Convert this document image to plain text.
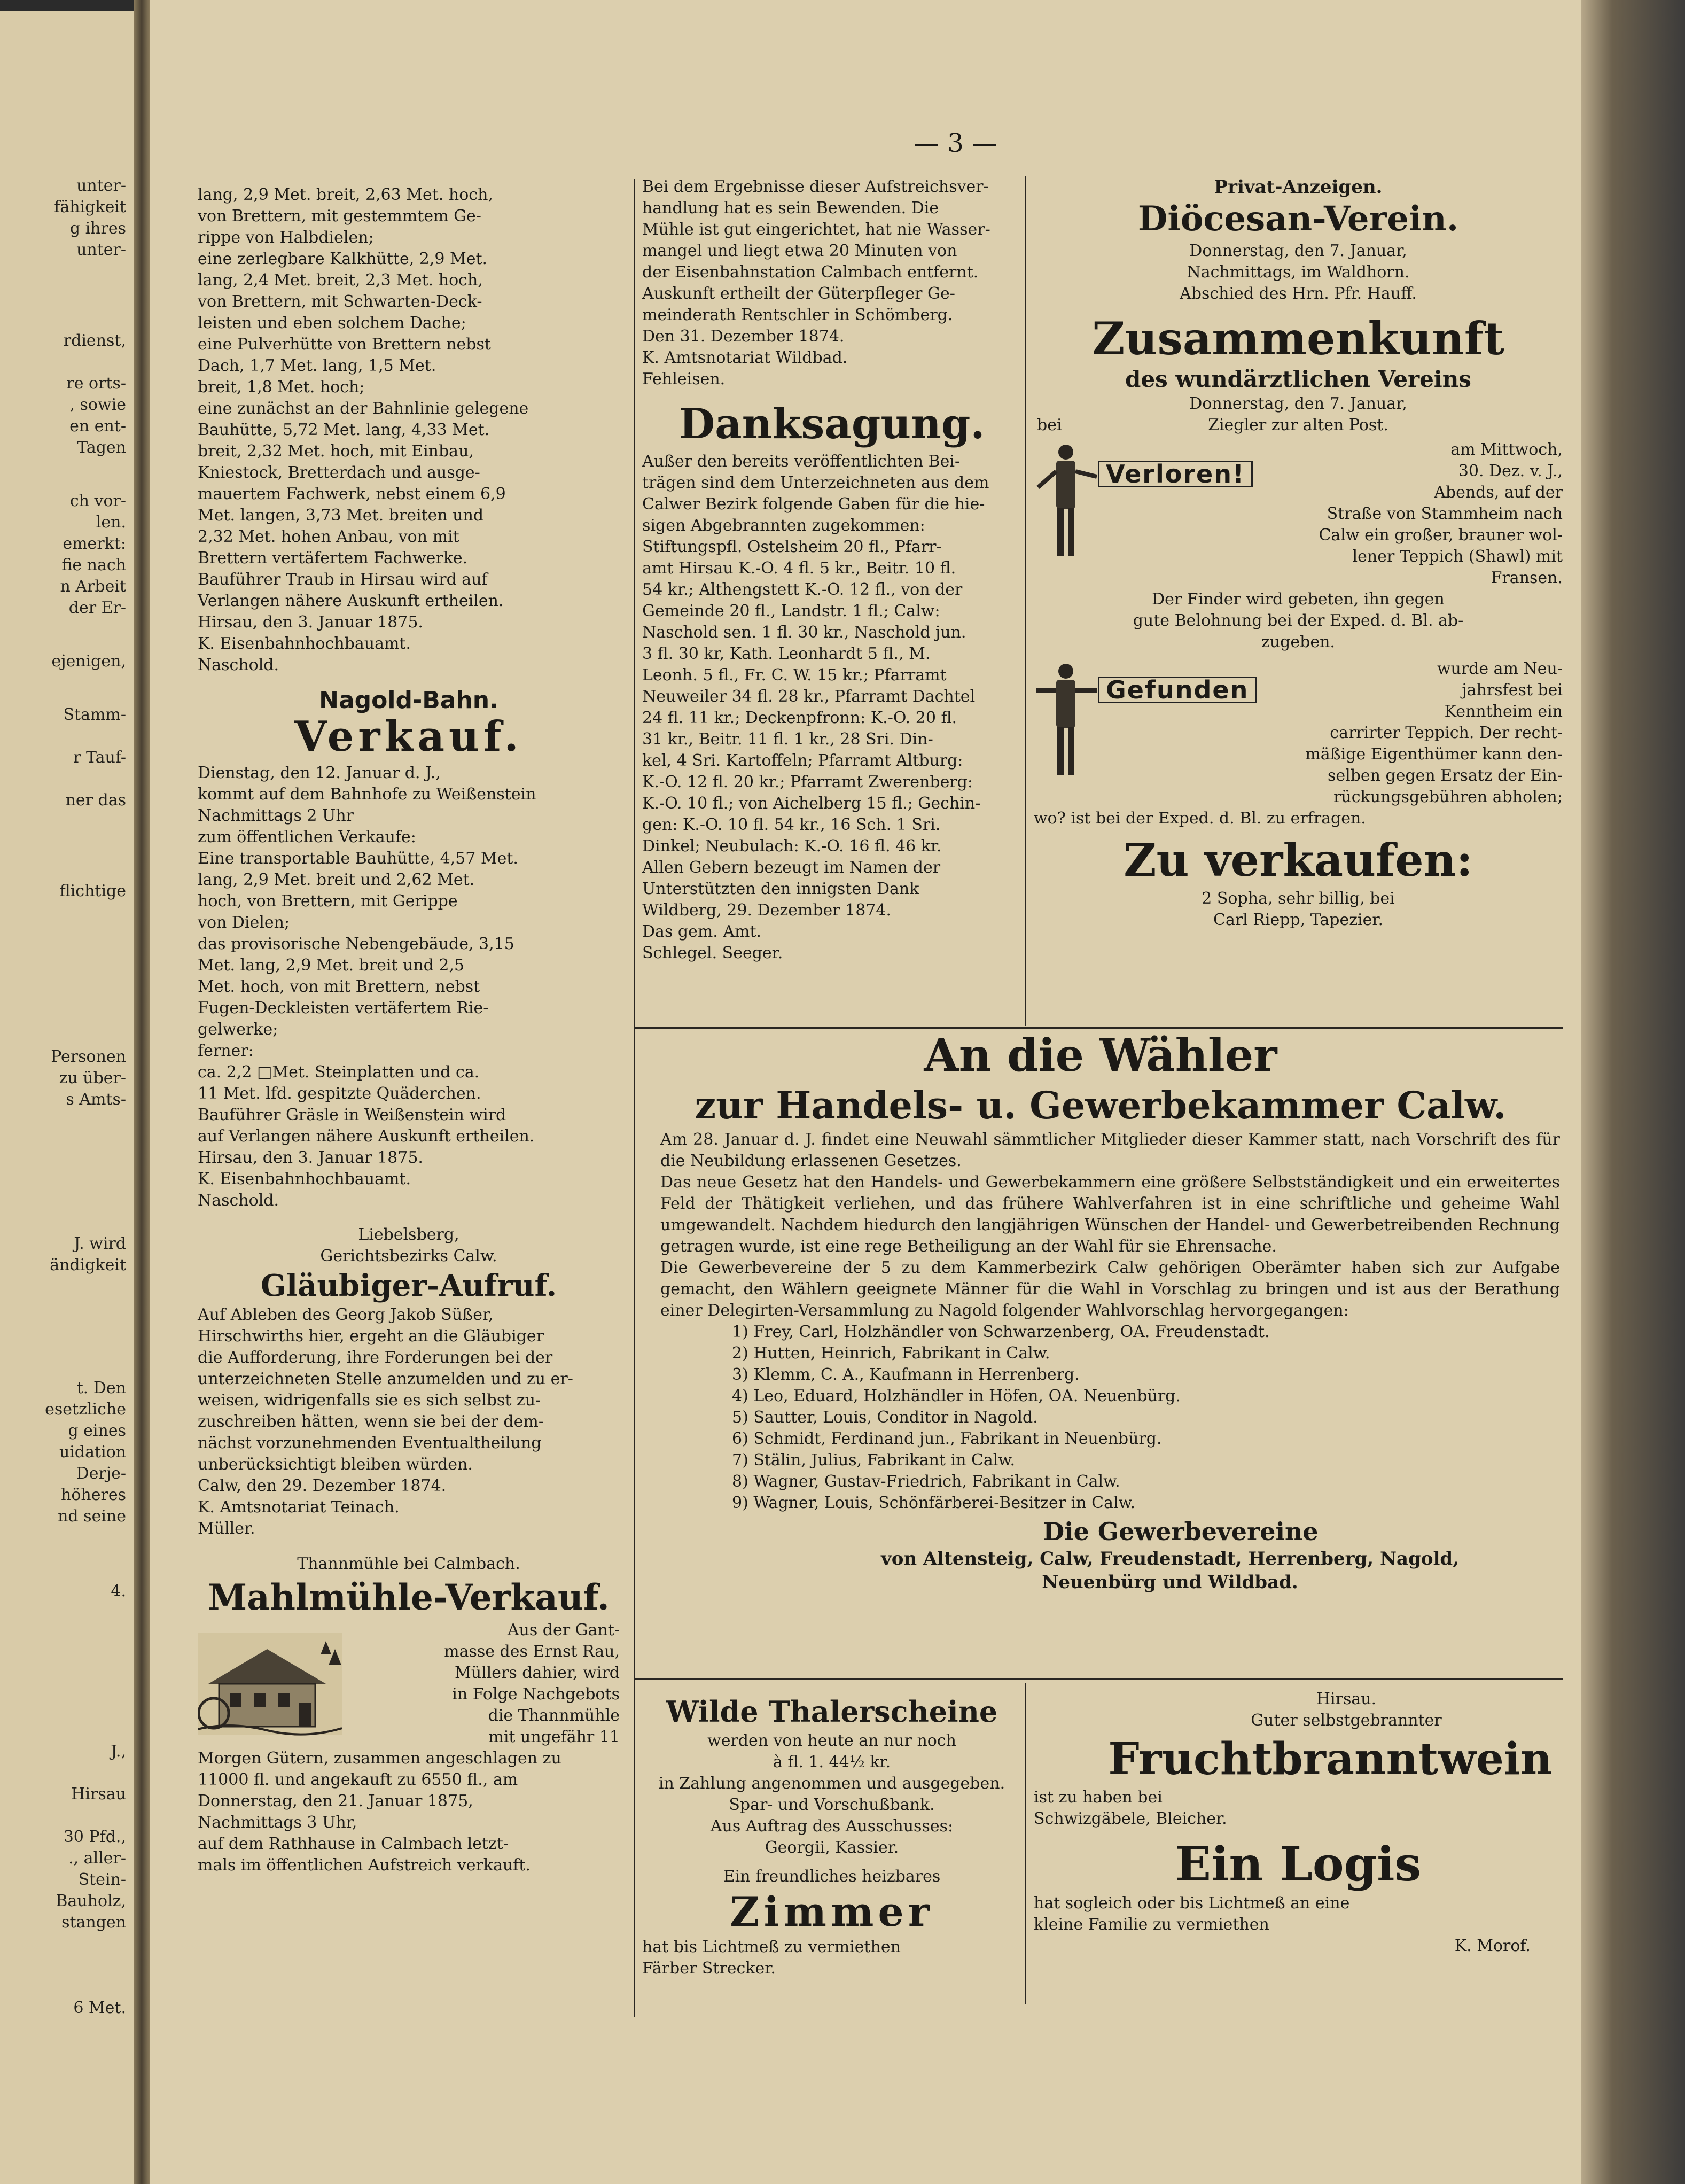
unter-
fähigkeit
g ihres
unter-
rdienst,
re orts-
, sowie
en ent-
Tagen
ch vor-
len.
emerkt:
fie nach
n Arbeit
der Er-
ejenigen,
Stamm-
r Tauf-
ner das
flichtige
Personen
zu über-
s Amts-
J. wird
ändigkeit
t. Den
esetzliche
g eines
uidation
Derje-
höheres
nd seine
4.
J.,
Hirsau
30 Pfd.,
., aller-
Stein-
Bauholz,
stangen
6 Met.
— 3 —
lang, 2,9 Met. breit, 2,63 Met. hoch,
von Brettern, mit gestemmtem Ge-
rippe von Halbdielen;
eine zerlegbare Kalkhütte, 2,9 Met.
lang, 2,4 Met. breit, 2,3 Met. hoch,
von Brettern, mit Schwarten-Deck-
leisten und eben solchem Dache;
eine Pulverhütte von Brettern nebst
Dach, 1,7 Met. lang, 1,5 Met.
breit, 1,8 Met. hoch;
eine zunächst an der Bahnlinie gelegene
Bauhütte, 5,72 Met. lang, 4,33 Met.
breit, 2,32 Met. hoch, mit Einbau,
Kniestock, Bretterdach und ausge-
mauertem Fachwerk, nebst einem 6,9
Met. langen, 3,73 Met. breiten und
2,32 Met. hohen Anbau, von mit
Brettern vertäfertem Fachwerke.
Bauführer Traub in Hirsau wird auf
Verlangen nähere Auskunft ertheilen.
Hirsau, den 3. Januar 1875.
K. Eisenbahnhochbauamt.
Naschold.
Nagold-Bahn.
Verkauf.
Dienstag, den 12. Januar d. J.,
kommt auf dem Bahnhofe zu Weißenstein
Nachmittags 2 Uhr
zum öffentlichen Verkaufe:
Eine transportable Bauhütte, 4,57 Met.
lang, 2,9 Met. breit und 2,62 Met.
hoch, von Brettern, mit Gerippe
von Dielen;
das provisorische Nebengebäude, 3,15
Met. lang, 2,9 Met. breit und 2,5
Met. hoch, von mit Brettern, nebst
Fugen-Deckleisten vertäfertem Rie-
gelwerke;
ferner:
ca. 2,2 □Met. Steinplatten und ca.
11 Met. lfd. gespitzte Quäderchen.
Bauführer Gräsle in Weißenstein wird
auf Verlangen nähere Auskunft ertheilen.
Hirsau, den 3. Januar 1875.
K. Eisenbahnhochbauamt.
Naschold.
Liebelsberg,
Gerichtsbezirks Calw.
Gläubiger-Aufruf.
Auf Ableben des Georg Jakob Süßer,
Hirschwirths hier, ergeht an die Gläubiger
die Aufforderung, ihre Forderungen bei der
unterzeichneten Stelle anzumelden und zu er-
weisen, widrigenfalls sie es sich selbst zu-
zuschreiben hätten, wenn sie bei der dem-
nächst vorzunehmenden Eventualtheilung
unberücksichtigt bleiben würden.
Calw, den 29. Dezember 1874.
K. Amtsnotariat Teinach.
Müller.
Thannmühle bei Calmbach.
Mahlmühle-Verkauf.
Aus der Gant-
masse des Ernst Rau,
Müllers dahier, wird
in Folge Nachgebots
die Thannmühle
mit ungefähr 11
Morgen Gütern, zusammen angeschlagen zu
11000 fl. und angekauft zu 6550 fl., am
Donnerstag, den 21. Januar 1875,
Nachmittags 3 Uhr,
auf dem Rathhause in Calmbach letzt-
mals im öffentlichen Aufstreich verkauft.
Bei dem Ergebnisse dieser Aufstreichsver-
handlung hat es sein Bewenden. Die
Mühle ist gut eingerichtet, hat nie Wasser-
mangel und liegt etwa 20 Minuten von
der Eisenbahnstation Calmbach entfernt.
Auskunft ertheilt der Güterpfleger Ge-
meinderath Rentschler in Schömberg.
Den 31. Dezember 1874.
K. Amtsnotariat Wildbad.
Fehleisen.
Danksagung.
Außer den bereits veröffentlichten Bei-
trägen sind dem Unterzeichneten aus dem
Calwer Bezirk folgende Gaben für die hie-
sigen Abgebrannten zugekommen:
Stiftungspfl. Ostelsheim 20 fl., Pfarr-
amt Hirsau K.-O. 4 fl. 5 kr., Beitr. 10 fl.
54 kr.; Althengstett K.-O. 12 fl., von der
Gemeinde 20 fl., Landstr. 1 fl.; Calw:
Naschold sen. 1 fl. 30 kr., Naschold jun.
3 fl. 30 kr, Kath. Leonhardt 5 fl., M.
Leonh. 5 fl., Fr. C. W. 15 kr.; Pfarramt
Neuweiler 34 fl. 28 kr., Pfarramt Dachtel
24 fl. 11 kr.; Deckenpfronn: K.-O. 20 fl.
31 kr., Beitr. 11 fl. 1 kr., 28 Sri. Din-
kel, 4 Sri. Kartoffeln; Pfarramt Altburg:
K.-O. 12 fl. 20 kr.; Pfarramt Zwerenberg:
K.-O. 10 fl.; von Aichelberg 15 fl.; Gechin-
gen: K.-O. 10 fl. 54 kr., 16 Sch. 1 Sri.
Dinkel; Neubulach: K.-O. 16 fl. 46 kr.
Allen Gebern bezeugt im Namen der
Unterstützten den innigsten Dank
Wildberg, 29. Dezember 1874.
Das gem. Amt.
Schlegel. Seeger.
Privat-Anzeigen.
Diöcesan-Verein.
Donnerstag, den 7. Januar,
Nachmittags, im Waldhorn.
Abschied des Hrn. Pfr. Hauff.
Zusammenkunft
des wundärztlichen Vereins
bei
Donnerstag, den 7. Januar,
Ziegler zur alten Post.
Verloren!
am Mittwoch,
30. Dez. v. J.,
Abends, auf der
Straße von Stammheim nach
Calw ein großer, brauner wol-
lener Teppich (Shawl) mit
Fransen.
Der Finder wird gebeten, ihn gegen
gute Belohnung bei der Exped. d. Bl. ab-
zugeben.
Gefunden
wurde am Neu-
jahrsfest bei
Kenntheim ein
carrirter Teppich. Der recht-
mäßige Eigenthümer kann den-
selben gegen Ersatz der Ein-
rückungsgebühren abholen;
wo? ist bei der Exped. d. Bl. zu erfragen.
Zu verkaufen:
2 Sopha, sehr billig, bei
Carl Riepp, Tapezier.
An die Wähler
zur Handels- u. Gewerbekammer Calw.
Am 28. Januar d. J. findet eine Neuwahl sämmtlicher Mitglieder dieser Kammer statt, nach Vorschrift des für die Neubildung erlassenen Gesetzes.
Das neue Gesetz hat den Handels- und Gewerbekammern eine größere Selbstständigkeit und ein erweitertes Feld der Thätigkeit verliehen, und das frühere Wahlverfahren ist in eine schriftliche und geheime Wahl umgewandelt. Nachdem hiedurch den langjährigen Wünschen der Handel- und Gewerbetreibenden Rechnung getragen wurde, ist eine rege Betheiligung an der Wahl für sie Ehrensache.
Die Gewerbevereine der 5 zu dem Kammerbezirk Calw gehörigen Oberämter haben sich zur Aufgabe gemacht, den Wählern geeignete Männer für die Wahl in Vorschlag zu bringen und ist aus der Berathung einer Delegirten-Versammlung zu Nagold folgender Wahlvorschlag hervorgegangen:
1) Frey, Carl, Holzhändler von Schwarzenberg, OA. Freudenstadt.
2) Hutten, Heinrich, Fabrikant in Calw.
3) Klemm, C. A., Kaufmann in Herrenberg.
4) Leo, Eduard, Holzhändler in Höfen, OA. Neuenbürg.
5) Sautter, Louis, Conditor in Nagold.
6) Schmidt, Ferdinand jun., Fabrikant in Neuenbürg.
7) Stälin, Julius, Fabrikant in Calw.
8) Wagner, Gustav-Friedrich, Fabrikant in Calw.
9) Wagner, Louis, Schönfärberei-Besitzer in Calw.
Die Gewerbevereine
von Altensteig, Calw, Freudenstadt, Herrenberg, Nagold,
Neuenbürg und Wildbad.
Wilde Thalerscheine
werden von heute an nur noch
à fl. 1. 44½ kr.
in Zahlung angenommen und ausgegeben.
Spar- und Vorschußbank.
Aus Auftrag des Ausschusses:
Georgii, Kassier.
Ein freundliches heizbares
Zimmer
hat bis Lichtmeß zu vermiethen
Färber Strecker.
Hirsau.
Guter selbstgebrannter
Fruchtbranntwein
ist zu haben bei
Schwizgäbele, Bleicher.
Ein Logis
hat sogleich oder bis Lichtmeß an eine
kleine Familie zu vermiethen
K. Morof.
